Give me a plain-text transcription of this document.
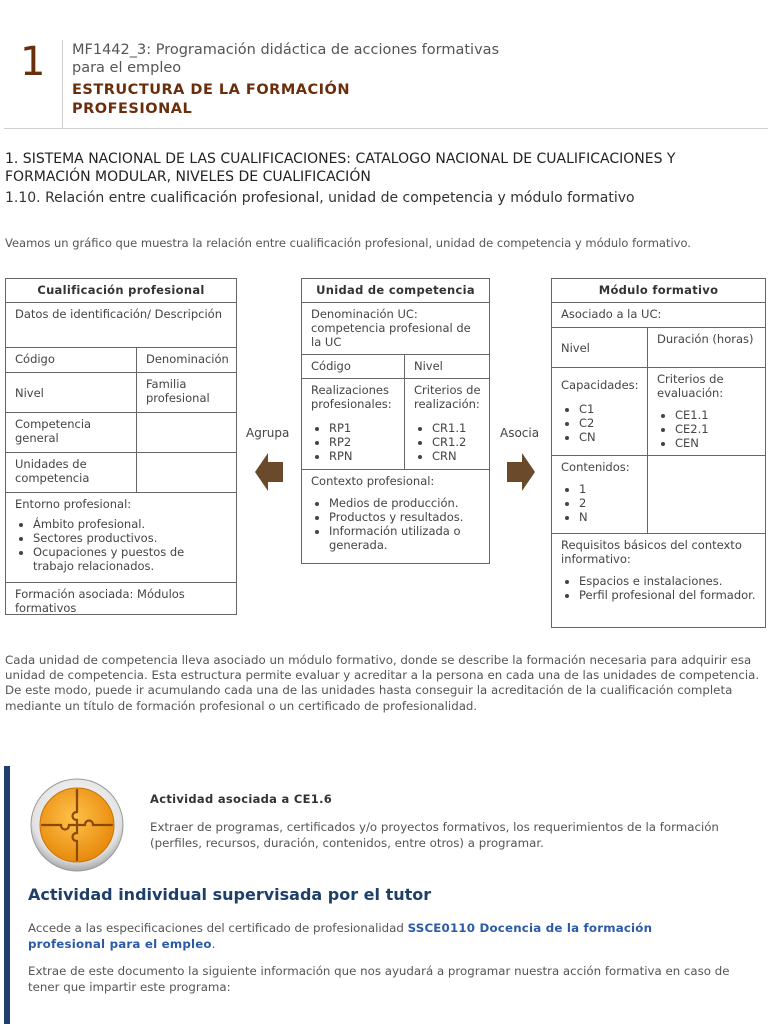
1 MF1442_3: Programación didáctica de acciones formativas para el empleo
ESTRUCTURA DE LA FORMACIÓN PROFESIONAL
1. SISTEMA NACIONAL DE LAS CUALIFICACIONES: CATALOGO NACIONAL DE CUALIFICACIONES Y FORMACIÓN MODULAR, NIVELES DE CUALIFICACIÓN
1.10. Relación entre cualificación profesional, unidad de competencia y módulo formativo
Veamos un gráfico que muestra la relación entre cualificación profesional, unidad de competencia y módulo formativo.
Cualificación profesional
Datos de identificación/ Descripción
Código	Denominación
Nivel
Familia profesional
Competencia general
Unidades de competencia
Entorno profesional:
• Ámbito profesional.
• Sectores productivos.
• Ocupaciones y puestos de trabajo relacionados.
Formación asociada: Módulos formativos
Agrupa
Unidad de competencia
Denominación UC: competencia profesional de la UC
Código	Nivel
Realizaciones profesionales:
• RP1
• RP2
• RPN
Criterios de realización:
• CR1.1
• CR1.2
• CRN
Contexto profesional:
• Medios de producción.
• Productos y resultados.
• Información utilizada o generada.
Asocia
Módulo formativo
Asociado a la UC:
Nivel
Duración (horas)
Capacidades:
• C1
• C2
• CN
Criterios de evaluación:
• CE1.1
• CE2.1
• CEN
Contenidos:
• 1
• 2
• N
Requisitos básicos del contexto informativo:
• Espacios e instalaciones.
• Perfil profesional del formador.
Cada unidad de competencia lleva asociado un módulo formativo, donde se describe la formación necesaria para adquirir esa unidad de competencia. Esta estructura permite evaluar y acreditar a la persona en cada una de las unidades de competencia. De este modo, puede ir acumulando cada una de las unidades hasta conseguir la acreditación de la cualificación completa mediante un título de formación profesional o un certificado de profesionalidad.
Actividad asociada a CE1.6
Extraer de programas, certificados y/o proyectos formativos, los requerimientos de la formación (perfiles, recursos, duración, contenidos, entre otros) a programar.
Actividad individual supervisada por el tutor
Accede a las especificaciones del certificado de profesionalidad SSCE0110 Docencia de la formación profesional para el empleo.
Extrae de este documento la siguiente información que nos ayudará a programar nuestra acción formativa en caso de tener que impartir este programa:
